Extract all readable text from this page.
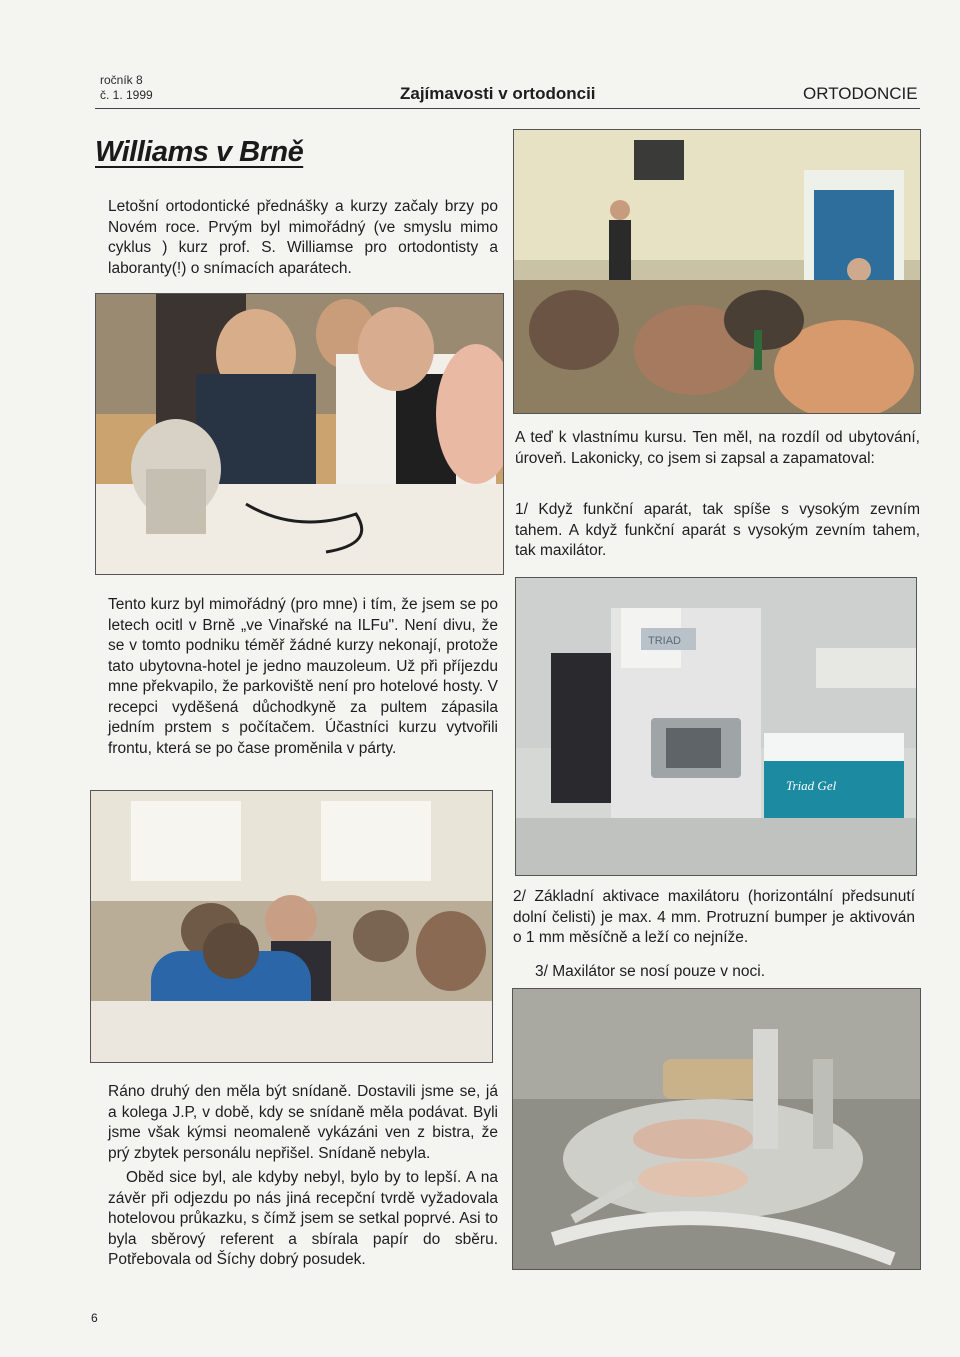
ročník 8
č. 1. 1999	Zajímavosti v ortodoncii	ORTODONCIE
Williams v Brně
Letošní ortodontické přednášky a kurzy začaly brzy po Novém roce. Prvým byl mimořádný (ve smyslu mimo cyklus ) kurz prof. S. Williamse pro ortodontisty a laboranty(!) o snímacích aparátech.
A teď k vlastnímu kursu. Ten měl, na rozdíl od ubytování, úroveň. Lakonicky, co jsem si zapsal a zapamatoval:
1/ Když funkční aparát, tak spíše s vysokým zevním tahem. A když funkční aparát s vysokým zevním tahem, tak maxilátor.
Tento kurz byl mimořádný (pro mne) i tím, že jsem se po letech ocitl v Brně „ve Vinařské na ILFu". Není divu, že se v tomto podniku téměř žádné kurzy nekonají, protože tato ubytovna-hotel je jedno mauzoleum. Už při příjezdu mne překvapilo, že parkoviště není pro hotelové hosty. V recepci vyděšená důchodkyně za pultem zápasila jedním prstem s počítačem. Účastníci kurzu vytvořili frontu, která se po čase proměnila v párty.
TRIAD
Triad Gel
2/ Základní aktivace maxilátoru (horizontální předsunutí dolní čelisti) je max. 4 mm. Protruzní bumper je aktivován o 1 mm měsíčně a leží co nejníže.
3/ Maxilátor se nosí pouze v noci.
Ráno druhý den měla být snídaně. Dostavili jsme se, já a kolega J.P, v době, kdy se snídaně měla podávat. Byli jsme však kýmsi neomaleně vykázáni ven z bistra, že prý zbytek personálu nepřišel. Snídaně nebyla.
Oběd sice byl, ale kdyby nebyl, bylo by to lepší. A na závěr při odjezdu po nás jiná recepční tvrdě vyžadovala hotelovou průkazku, s čímž jsem se setkal poprvé. Asi to byla sběrový referent a sbírala papír do sběru. Potřebovala od Šíchy dobrý posudek.
6
